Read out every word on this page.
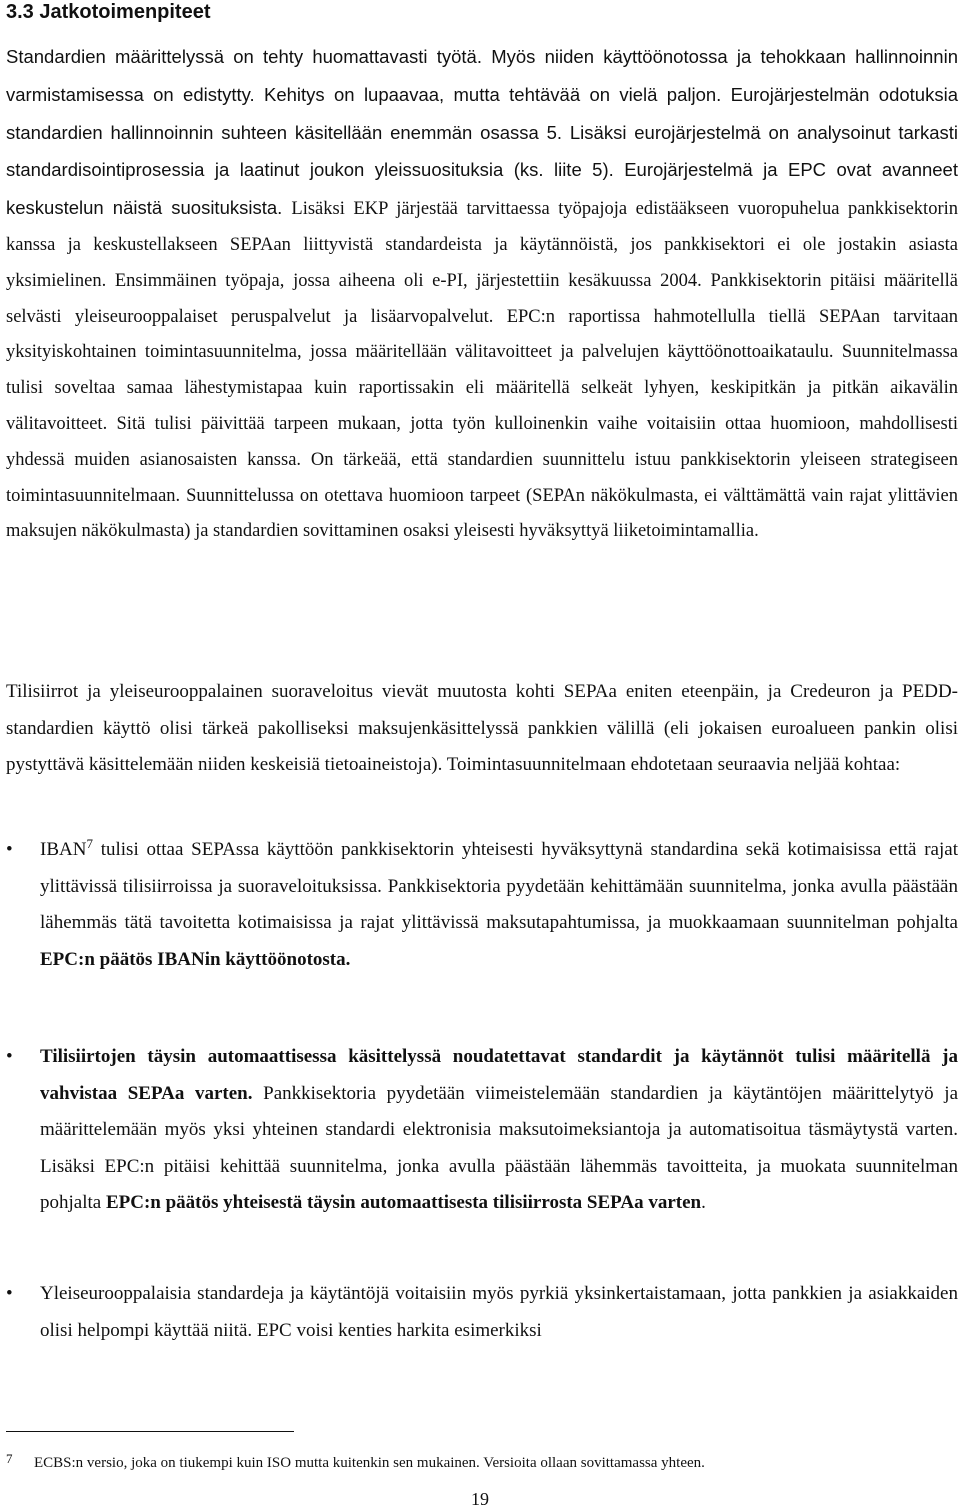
3.3 Jatkotoimenpiteet

Standardien määrittelyssä on tehty huomattavasti työtä. Myös niiden käyttöönotossa ja tehokkaan hallinnoinnin varmistamisessa on edistytty. Kehitys on lupaavaa, mutta tehtävää on vielä paljon. Eurojärjestelmän odotuksia standardien hallinnoinnin suhteen käsitellään enemmän osassa 5. Lisäksi eurojärjestelmä on analysoinut tarkasti standardisointiprosessia ja laatinut joukon yleissuosituksia (ks. liite 5). Eurojärjestelmä ja EPC ovat avanneet keskustelun näistä suosituksista. Lisäksi EKP järjestää tarvittaessa työpajoja edistääkseen vuoropuhelua pankkisektorin kanssa ja keskustellakseen SEPAan liittyvistä standardeista ja käytännöistä, jos pankkisektori ei ole jostakin asiasta yksimielinen. Ensimmäinen työpaja, jossa aiheena oli e-PI, järjestettiin kesäkuussa 2004. Pankkisektorin pitäisi määritellä selvästi yleiseurooppalaiset peruspalvelut ja lisäarvopalvelut. EPC:n raportissa hahmotellulla tiellä SEPAan tarvitaan yksityiskohtainen toimintasuunnitelma, jossa määritellään välitavoitteet ja palvelujen käyttöönottoaikataulu. Suunnitelmassa tulisi soveltaa samaa lähestymistapaa kuin raportissakin eli määritellä selkeät lyhyen, keskipitkän ja pitkän aikavälin välitavoitteet. Sitä tulisi päivittää tarpeen mukaan, jotta työn kulloinenkin vaihe voitaisiin ottaa huomioon, mahdollisesti yhdessä muiden asianosaisten kanssa. On tärkeää, että standardien suunnittelu istuu pankkisektorin yleiseen strategiseen toimintasuunnitelmaan. Suunnittelussa on otettava huomioon tarpeet (SEPAn näkökulmasta, ei välttämättä vain rajat ylittävien maksujen näkökulmasta) ja standardien sovittaminen osaksi yleisesti hyväksyttyä liiketoimintamallia.

Tilisiirrot ja yleiseurooppalainen suoraveloitus vievät muutosta kohti SEPAa eniten eteenpäin, ja Credeuron ja PEDD-standardien käyttö olisi tärkeä pakolliseksi maksujenkäsittelyssä pankkien välillä (eli jokaisen euroalueen pankin olisi pystyttävä käsittelemään niiden keskeisiä tietoaineistoja). Toimintasuunnitelmaan ehdotetaan seuraavia neljää kohtaa:

• IBAN$^7$ tulisi ottaa SEPAssa käyttöön pankkisektorin yhteisesti hyväksyttynä standardina sekä kotimaisissa että rajat ylittävissä tilisiirroissa ja suoraveloituksissa. Pankkisektoria pyydetään kehittämään suunnitelma, jonka avulla päästään lähemmäs tätä tavoitetta kotimaisissa ja rajat ylittävissä maksutapahtumissa, ja muokkaamaan suunnitelman pohjalta EPC:n päätös IBANin käyttöönotosta.
• Tilisiirtojen täysin automaattisessa käsittelyssä noudatettavat standardit ja käytännöt tulisi määritellä ja vahvistaa SEPAa varten. Pankkisektoria pyydetään viimeistelemään standardien ja käytäntöjen määrittelytyö ja määrittelemään myös yksi yhteinen standardi elektronisia maksutoimeksiantoja ja automatisoitua täsmäytystä varten. Lisäksi EPC:n pitäisi kehittää suunnitelma, jonka avulla päästään lähemmäs tavoitteita, ja muokata suunnitelman pohjalta EPC:n päätös yhteisestä täysin automaattisesta tilisiirrosta SEPAa varten.
• Yleiseurooppalaisia standardeja ja käytäntöjä voitaisiin myös pyrkiä yksinkertaistamaan, jotta pankkien ja asiakkaiden olisi helpompi käyttää niitä. EPC voisi kenties harkita esimerkiksi

7 ECBS:n versio, joka on tiukempi kuin ISO mutta kuitenkin sen mukainen. Versioita ollaan sovittamassa yhteen.

19
